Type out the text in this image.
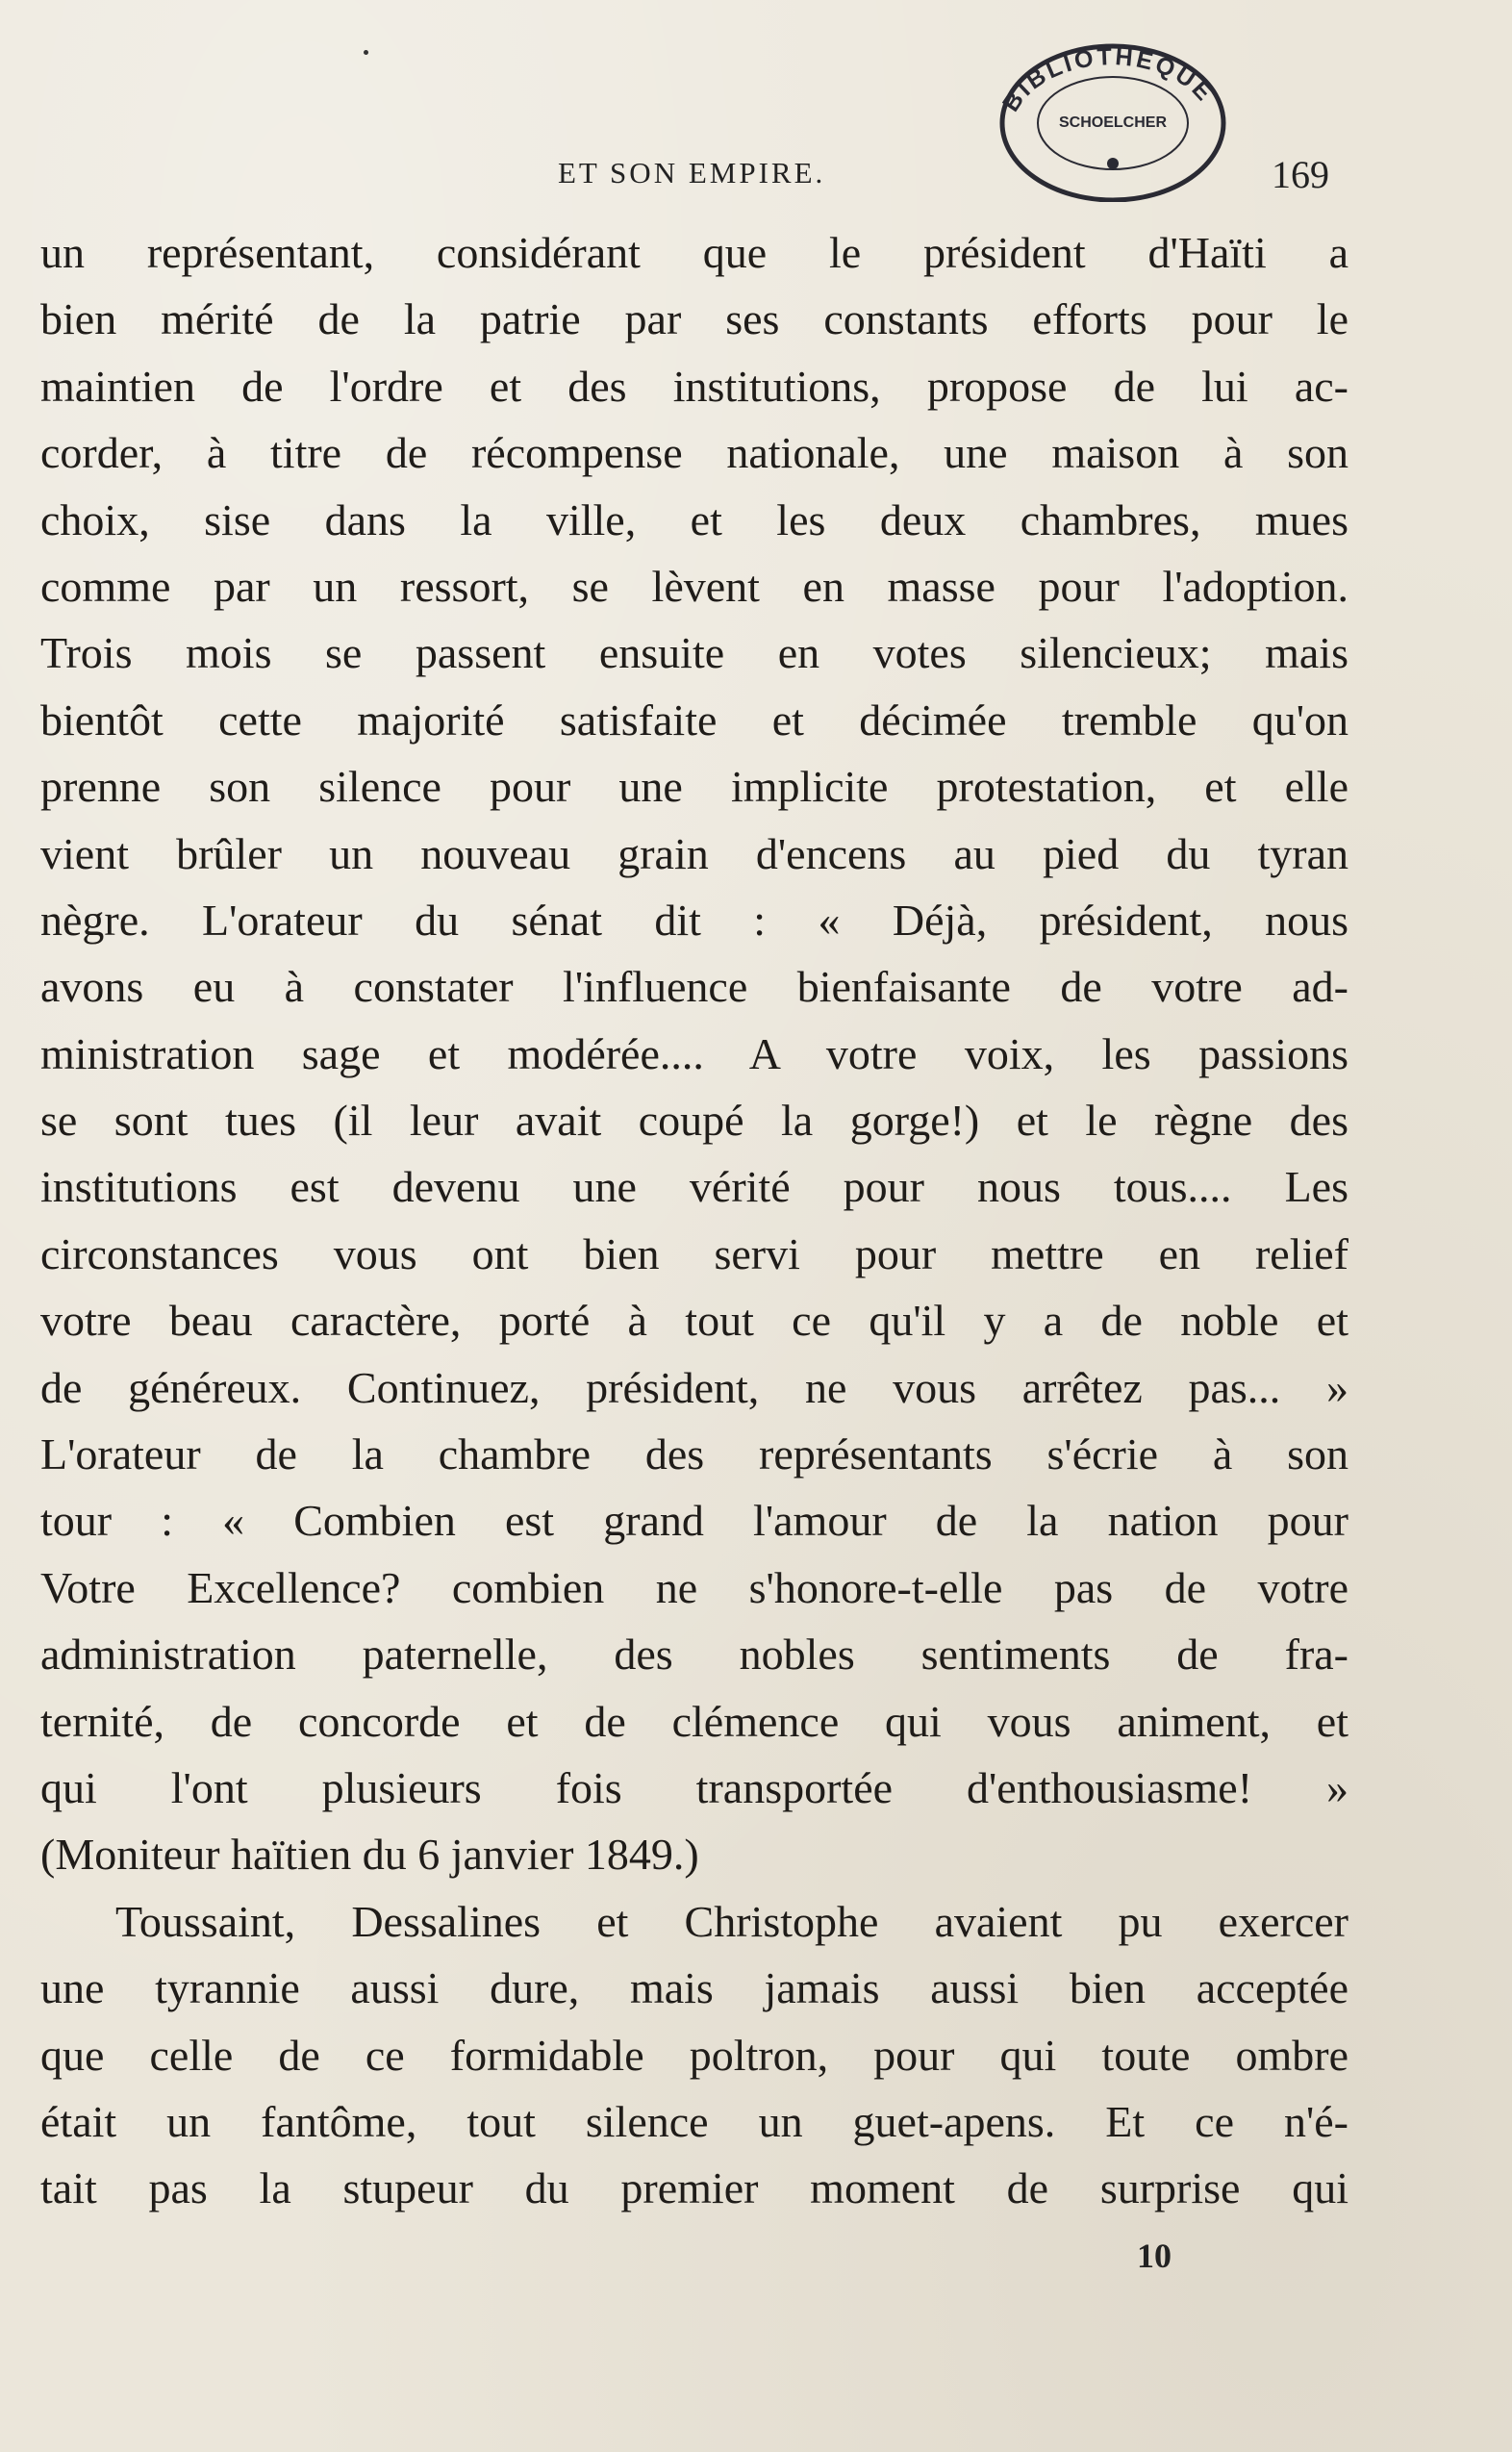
ET SON EMPIRE.	169
BIBLIOTHEQUE
SCHOELCHER
un représentant, considérant que le président d'Haïti a
bien mérité de la patrie par ses constants efforts pour le
maintien de l'ordre et des institutions, propose de lui ac-
corder, à titre de récompense nationale, une maison à son
choix, sise dans la ville, et les deux chambres, mues
comme par un ressort, se lèvent en masse pour l'adoption.
Trois mois se passent ensuite en votes silencieux; mais
bientôt cette majorité satisfaite et décimée tremble qu'on
prenne son silence pour une implicite protestation, et elle
vient brûler un nouveau grain d'encens au pied du tyran
nègre. L'orateur du sénat dit : « Déjà, président, nous
avons eu à constater l'influence bienfaisante de votre ad-
ministration sage et modérée.... A votre voix, les passions
se sont tues (il leur avait coupé la gorge!) et le règne des
institutions est devenu une vérité pour nous tous.... Les
circonstances vous ont bien servi pour mettre en relief
votre beau caractère, porté à tout ce qu'il y a de noble et
de généreux. Continuez, président, ne vous arrêtez pas... »
L'orateur de la chambre des représentants s'écrie à son
tour : « Combien est grand l'amour de la nation pour
Votre Excellence? combien ne s'honore-t-elle pas de votre
administration paternelle, des nobles sentiments de fra-
ternité, de concorde et de clémence qui vous animent, et
qui l'ont plusieurs fois transportée d'enthousiasme! »
(Moniteur haïtien du 6 janvier 1849.)
Toussaint, Dessalines et Christophe avaient pu exercer
une tyrannie aussi dure, mais jamais aussi bien acceptée
que celle de ce formidable poltron, pour qui toute ombre
était un fantôme, tout silence un guet-apens. Et ce n'é-
tait pas la stupeur du premier moment de surprise qui
10
